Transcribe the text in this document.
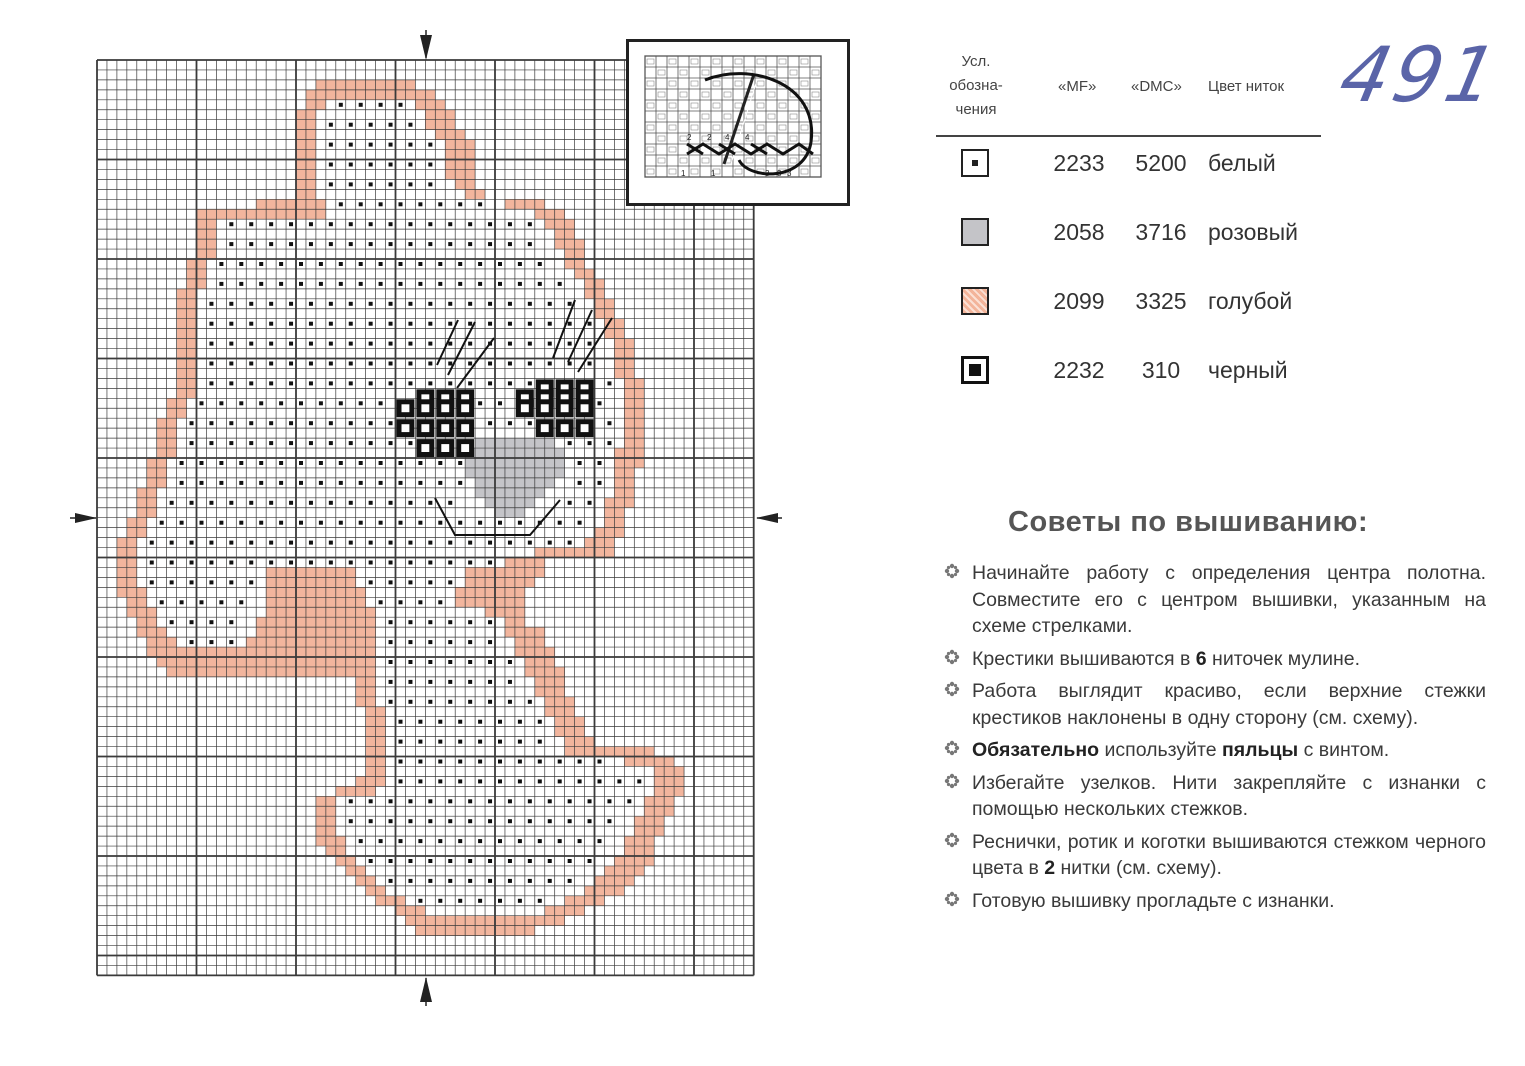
2 2 4 4
1	1	3 3 3
491
Усл. обозна-чения
«MF» «DMC» Цвет ниток
2233	5200 белый
2058	3716 розовый
2099	3325 голубой
2232	310	черный
Советы по вышиванию:
Начинайте работу с определения центра полотна. Совместите его с центром вышивки, указанным на схеме стрелками.
Крестики вышиваются в 6 ниточек мулине.
Работа выглядит красиво, если верхние стежки крестиков наклонены в одну сторону (см. схему).
Обязательно используйте пяльцы с винтом.
Избегайте узелков. Нити закрепляйте с изнанки с помощью нескольких стежков.
Реснички, ротик и коготки вышиваются стежком черного цвета в 2 нитки (см. схему).
Готовую вышивку прогладьте с изнанки.
